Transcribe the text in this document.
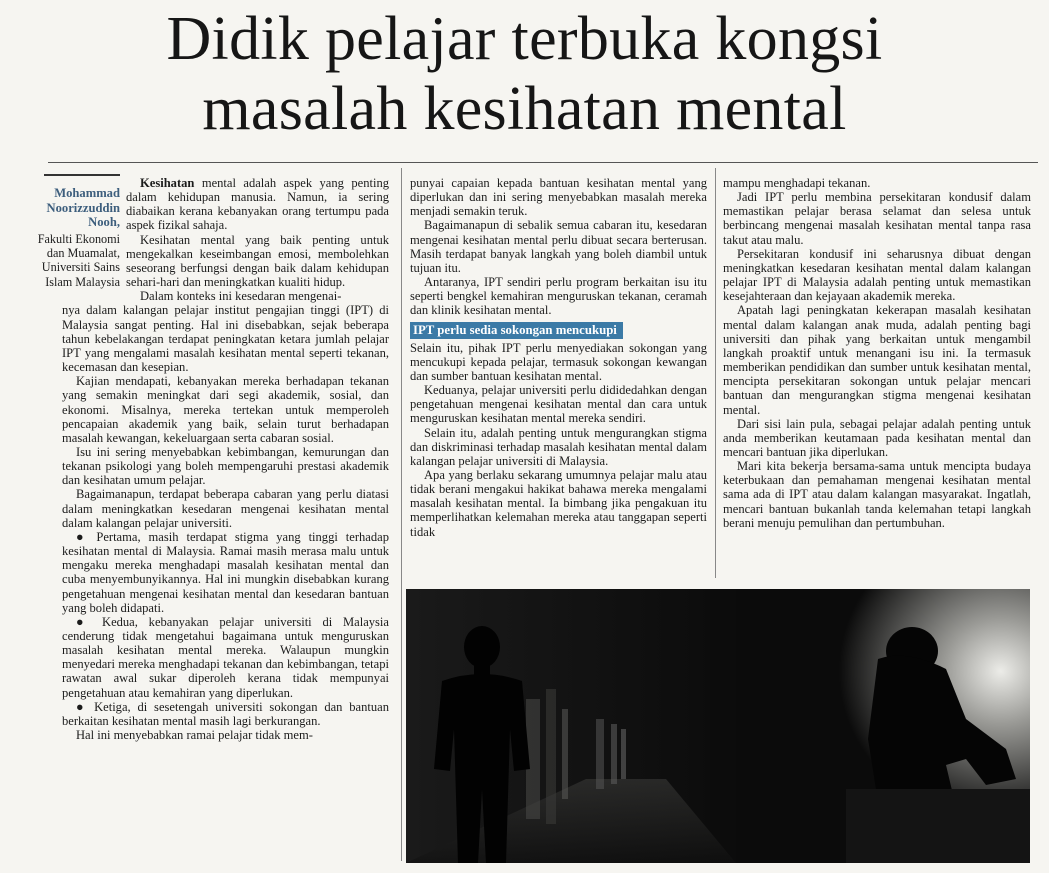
Didik pelajar terbuka kongsi
masalah kesihatan mental
Mohammad
Noorizzuddin
Nooh,
Fakulti Ekonomi
dan Muamalat,
Universiti Sains
Islam Malaysia

Kesihatan mental adalah aspek yang penting dalam kehidupan manusia. Namun, ia sering diabaikan kerana kebanyakan orang tertumpu pada aspek fizikal sahaja.

Kesihatan mental yang baik penting untuk mengekalkan keseimbangan emosi, membolehkan seseorang berfungsi dengan baik dalam kehidupan sehari-hari dan meningkatkan kualiti hidup.

Dalam konteks ini kesedaran mengenai-

nya dalam kalangan pelajar institut pengajian tinggi (IPT) di Malaysia sangat penting. Hal ini disebabkan, sejak beberapa tahun kebelakangan terdapat peningkatan ketara jumlah pelajar IPT yang mengalami masalah kesihatan mental seperti tekanan, kecemasan dan kesepian.

Kajian mendapati, kebanyakan mereka berhadapan tekanan yang semakin meningkat dari segi akademik, sosial, dan ekonomi. Misalnya, mereka tertekan untuk memperoleh pencapaian akademik yang baik, selain turut berhadapan masalah kewangan, kekeluargaan serta cabaran sosial.

Isu ini sering menyebabkan kebimbangan, kemurungan dan tekanan psikologi yang boleh mempengaruhi prestasi akademik dan kesihatan umum pelajar.

Bagaimanapun, terdapat beberapa cabaran yang perlu diatasi dalam meningkatkan kesedaran mengenai kesihatan mental dalam kalangan pelajar universiti.

● Pertama, masih terdapat stigma yang tinggi terhadap kesihatan mental di Malaysia. Ramai masih merasa malu untuk mengaku mereka menghadapi masalah kesihatan mental dan cuba menyembunyikannya. Hal ini mungkin disebabkan kurang pengetahuan mengenai kesihatan mental dan kesedaran bantuan yang boleh didapati.

● Kedua, kebanyakan pelajar universiti di Malaysia cenderung tidak mengetahui bagaimana untuk menguruskan masalah kesihatan mental mereka. Walaupun mungkin menyedari mereka menghadapi tekanan dan kebimbangan, tetapi rawatan awal sukar diperoleh kerana tidak mempunyai pengetahuan atau kemahiran yang diperlukan.

● Ketiga, di sesetengah universiti sokongan dan bantuan berkaitan kesihatan mental masih lagi berkurangan.

Hal ini menyebabkan ramai pelajar tidak mem-

punyai capaian kepada bantuan kesihatan mental yang diperlukan dan ini sering menyebabkan masalah mereka menjadi semakin teruk.

Bagaimanapun di sebalik semua cabaran itu, kesedaran mengenai kesihatan mental perlu dibuat secara berterusan. Masih terdapat banyak langkah yang boleh diambil untuk tujuan itu.

Antaranya, IPT sendiri perlu program berkaitan isu itu seperti bengkel kemahiran menguruskan tekanan, ceramah dan klinik kesihatan mental.

IPT perlu sedia sokongan mencukupi

Selain itu, pihak IPT perlu menyediakan sokongan yang mencukupi kepada pelajar, termasuk sokongan kewangan dan sumber bantuan kesihatan mental.

Keduanya, pelajar universiti perlu dididedahkan dengan pengetahuan mengenai kesihatan mental dan cara untuk menguruskan kesihatan mental mereka sendiri.

Selain itu, adalah penting untuk mengurangkan stigma dan diskriminasi terhadap masalah kesihatan mental dalam kalangan pelajar universiti di Malaysia.

Apa yang berlaku sekarang umumnya pelajar malu atau tidak berani mengakui hakikat bahawa mereka mengalami masalah kesihatan mental. Ia bimbang jika pengakuan itu memperlihatkan kelemahan mereka atau tanggapan seperti tidak

mampu menghadapi tekanan.

Jadi IPT perlu membina persekitaran kondusif dalam memastikan pelajar berasa selamat dan selesa untuk berbincang mengenai masalah kesihatan mental tanpa rasa takut atau malu.

Persekitaran kondusif ini seharusnya dibuat dengan meningkatkan kesedaran kesihatan mental dalam kalangan pelajar IPT di Malaysia adalah penting untuk memastikan kesejahteraan dan kejayaan akademik mereka.

Apatah lagi peningkatan kekerapan masalah kesihatan mental dalam kalangan anak muda, adalah penting bagi universiti dan pihak yang berkaitan untuk mengambil langkah proaktif untuk menangani isu ini. Ia termasuk memberikan pendidikan dan sumber untuk kesihatan mental, mencipta persekitaran sokongan untuk pelajar mencari bantuan dan mengurangkan stigma mengenai kesihatan mental.

Dari sisi lain pula, sebagai pelajar adalah penting untuk anda memberikan keutamaan pada kesihatan mental dan mencari bantuan jika diperlukan.

Mari kita bekerja bersama-sama untuk mencipta budaya keterbukaan dan pemahaman mengenai kesihatan mental sama ada di IPT atau dalam kalangan masyarakat. Ingatlah, mencari bantuan bukanlah tanda kelemahan tetapi langkah berani menuju pemulihan dan pertumbuhan.
